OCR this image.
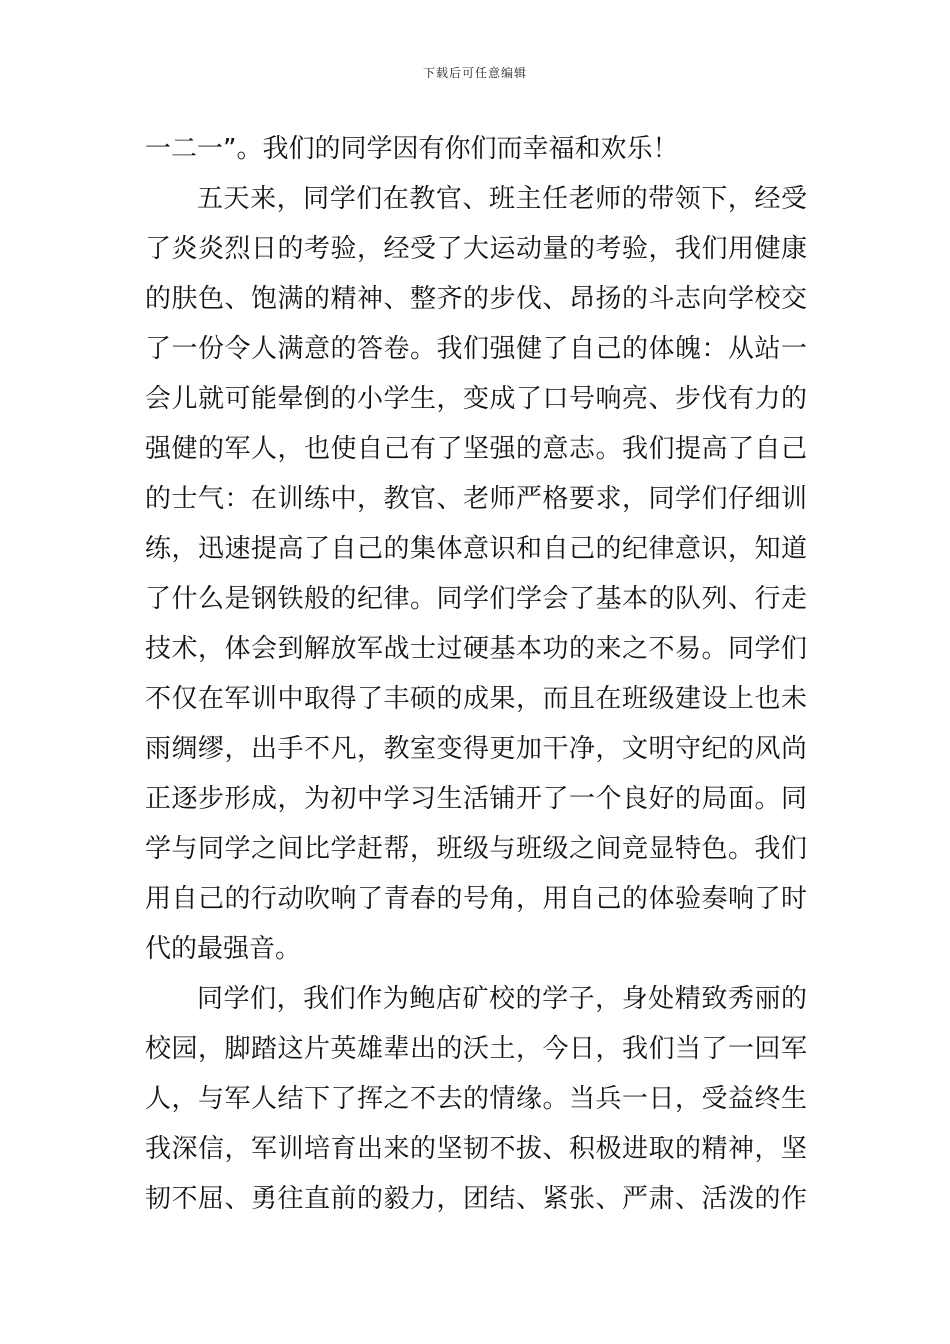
下载后可任意编辑
一二一”。我们的同学因有你们而幸福和欢乐！
五天来，同学们在教官、班主任老师的带领下，经受
了炎炎烈日的考验，经受了大运动量的考验，我们用健康
的肤色、饱满的精神、整齐的步伐、昂扬的斗志向学校交
了一份令人满意的答卷。我们强健了自己的体魄：从站一
会儿就可能晕倒的小学生，变成了口号响亮、步伐有力的
强健的军人，也使自己有了坚强的意志。我们提高了自己
的士气：在训练中，教官、老师严格要求，同学们仔细训
练，迅速提高了自己的集体意识和自己的纪律意识，知道
了什么是钢铁般的纪律。同学们学会了基本的队列、行走
技术，体会到解放军战士过硬基本功的来之不易。同学们
不仅在军训中取得了丰硕的成果，而且在班级建设上也未
雨绸缪，出手不凡，教室变得更加干净，文明守纪的风尚
正逐步形成，为初中学习生活铺开了一个良好的局面。同
学与同学之间比学赶帮，班级与班级之间竞显特色。我们
用自己的行动吹响了青春的号角，用自己的体验奏响了时
代的最强音。
同学们，我们作为鲍店矿校的学子，身处精致秀丽的
校园，脚踏这片英雄辈出的沃土，今日，我们当了一回军
人，与军人结下了挥之不去的情缘。当兵一日，受益终生
我深信，军训培育出来的坚韧不拔、积极进取的精神，坚
韧不屈、勇往直前的毅力，团结、紧张、严肃、活泼的作
